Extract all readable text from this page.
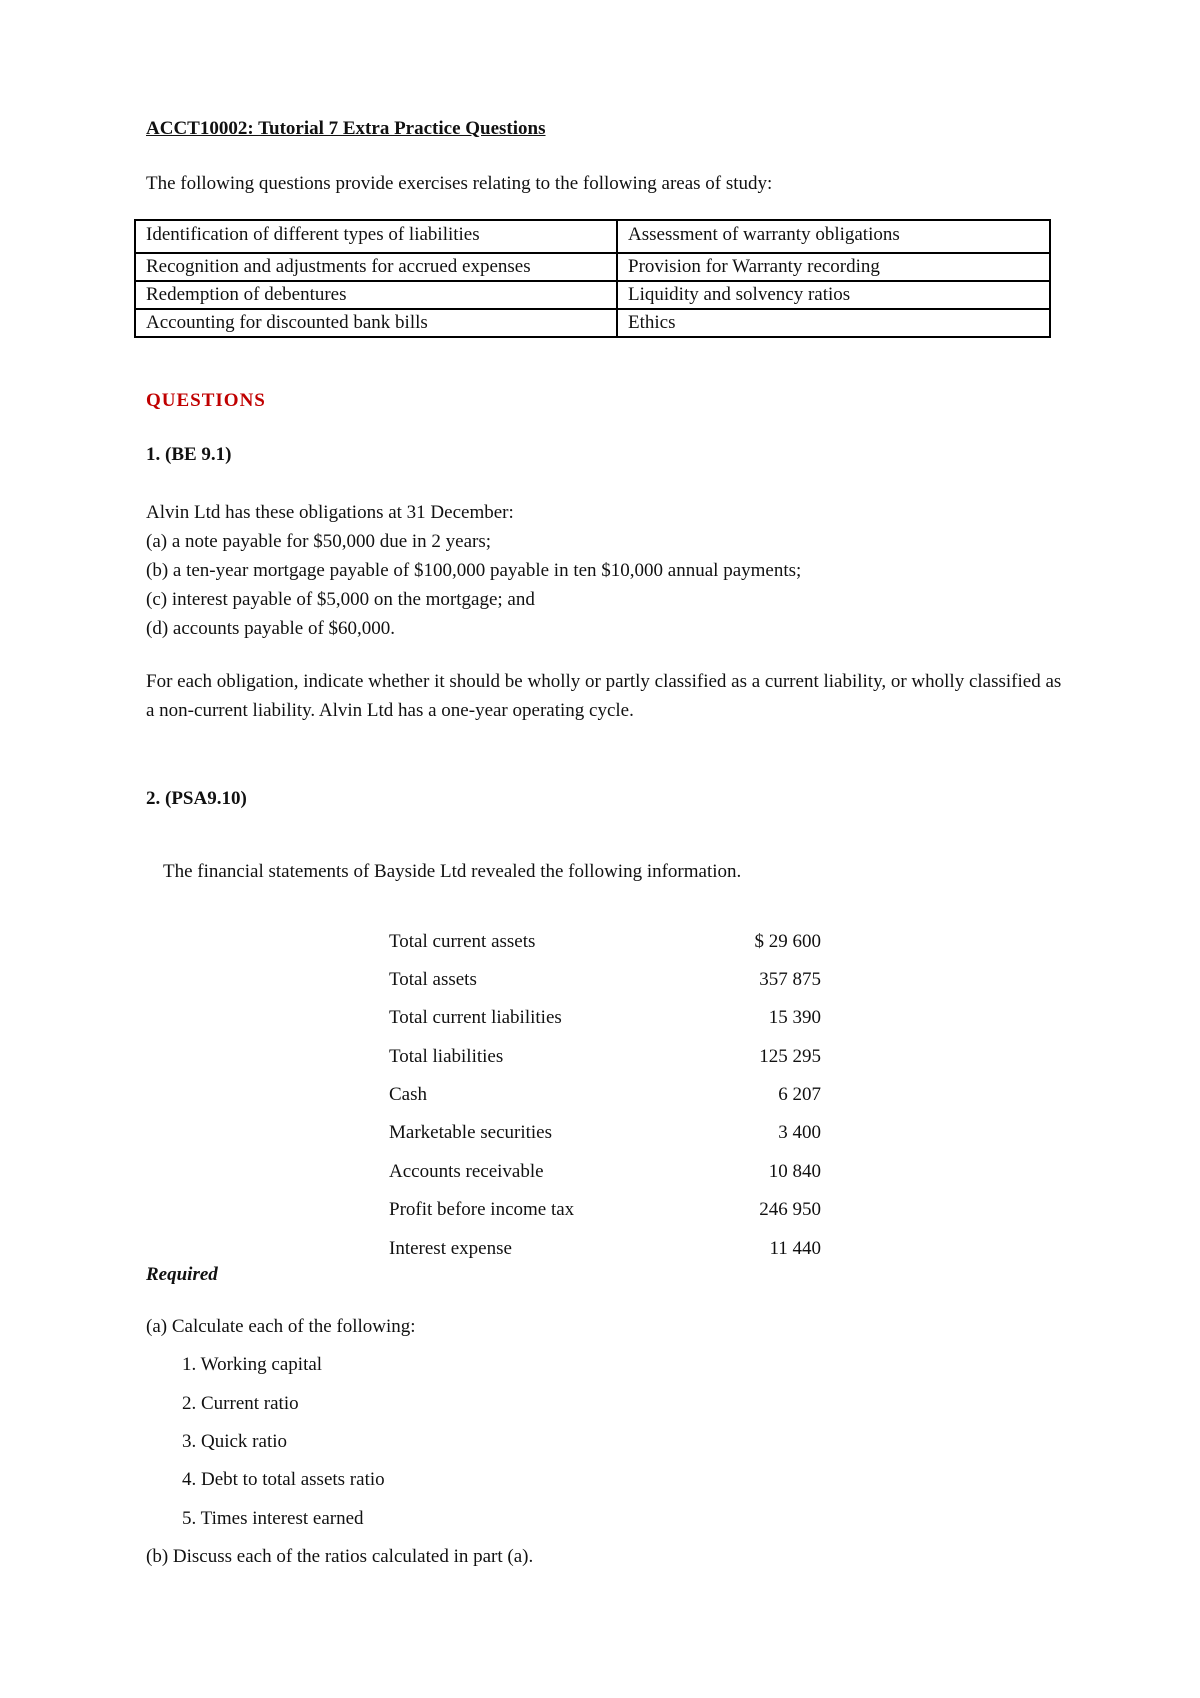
ACCT10002: Tutorial 7 Extra Practice Questions
The following questions provide exercises relating to the following areas of study:
Identification of different types of liabilities	Assessment of warranty obligations
Recognition and adjustments for accrued expenses	Provision for Warranty recording
Redemption of debentures	Liquidity and solvency ratios
Accounting for discounted bank bills	Ethics
QUESTIONS
1. (BE 9.1)
Alvin Ltd has these obligations at 31 December:
(a) a note payable for $50,000 due in 2 years;
(b) a ten-year mortgage payable of $100,000 payable in ten $10,000 annual payments;
(c) interest payable of $5,000 on the mortgage; and
(d) accounts payable of $60,000.
For each obligation, indicate whether it should be wholly or partly classified as a current liability, or wholly classified as a non-current liability. Alvin Ltd has a one-year operating cycle.
2. (PSA9.10)
The financial statements of Bayside Ltd revealed the following information.
Total current assets	$ 29 600
Total assets	357 875
Total current liabilities	15 390
Total liabilities	125 295
Cash	6 207
Marketable securities	3 400
Accounts receivable	10 840
Profit before income tax	246 950
Interest expense	11 440
Required
(a) Calculate each of the following:
1. Working capital
2. Current ratio
3. Quick ratio
4. Debt to total assets ratio
5. Times interest earned
(b) Discuss each of the ratios calculated in part (a).
